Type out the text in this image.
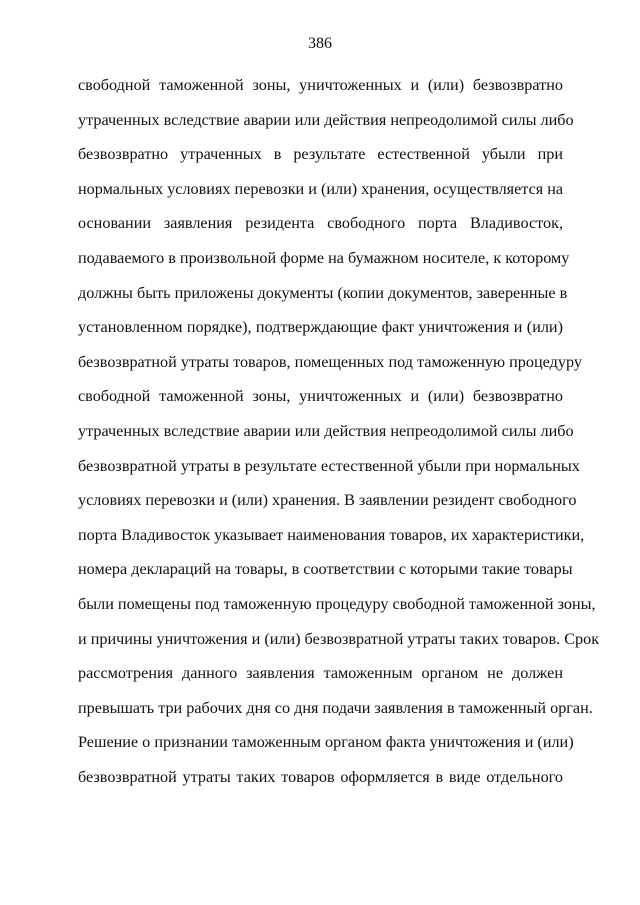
386
свободной таможенной зоны, уничтоженных и (или) безвозвратно
утраченных вследствие аварии или действия непреодолимой силы либо
безвозвратно утраченных в результате естественной убыли при
нормальных условиях перевозки и (или) хранения, осуществляется на
основании заявления резидента свободного порта Владивосток,
подаваемого в произвольной форме на бумажном носителе, к которому
должны быть приложены документы (копии документов, заверенные в
установленном порядке), подтверждающие факт уничтожения и (или)
безвозвратной утраты товаров, помещенных под таможенную процедуру
свободной таможенной зоны, уничтоженных и (или) безвозвратно
утраченных вследствие аварии или действия непреодолимой силы либо
безвозвратной утраты в результате естественной убыли при нормальных
условиях перевозки и (или) хранения. В заявлении резидент свободного
порта Владивосток указывает наименования товаров, их характеристики,
номера деклараций на товары, в соответствии с которыми такие товары
были помещены под таможенную процедуру свободной таможенной зоны,
и причины уничтожения и (или) безвозвратной утраты таких товаров. Срок
рассмотрения данного заявления таможенным органом не должен
превышать три рабочих дня со дня подачи заявления в таможенный орган.
Решение о признании таможенным органом факта уничтожения и (или)
безвозвратной утраты таких товаров оформляется в виде отдельного
